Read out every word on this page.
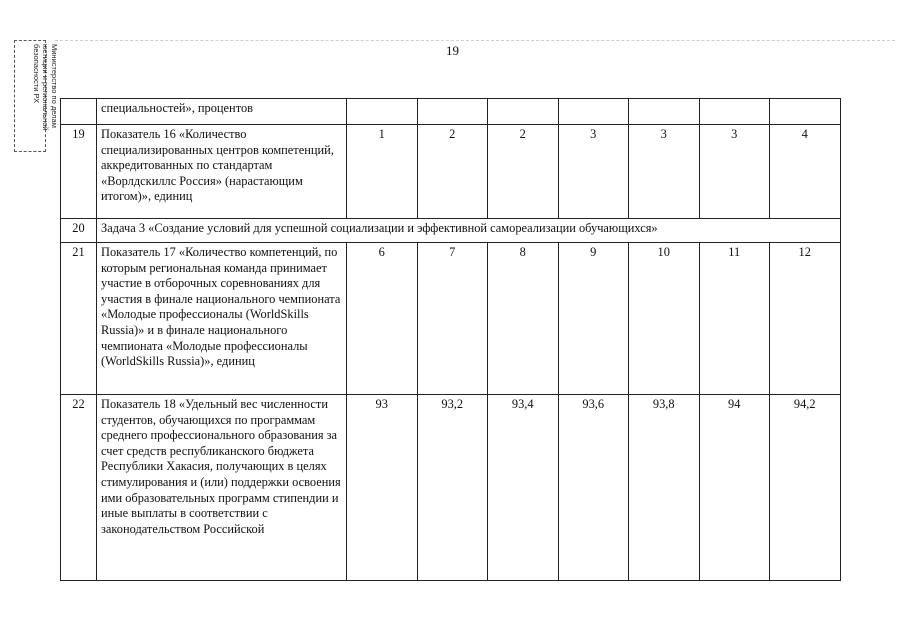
Министерство по делам
юстиции и региональной
безопасности РХ
19
	специальностей», процентов							
19	Показатель 16 «Количество специализированных центров компетенций, аккредитованных по стандартам «Ворлдскиллс Россия» (нарастающим итогом)», единиц	1	2	2	3	3	3	4
20	Задача 3 «Создание условий для успешной социализации и эффективной самореализации обучающихся»							
21	Показатель 17 «Количество компетенций, по которым региональная команда принимает участие в отборочных соревнованиях для участия в финале национального чемпионата «Молодые профессионалы (WorldSkills Russia)» и в финале национального чемпионата «Молодые профессионалы (WorldSkills Russia)», единиц	6	7	8	9	10	11	12
22	Показатель 18 «Удельный вес численности студентов, обучающихся по программам среднего профессионального образования за счет средств республиканского бюджета Республики Хакасия, получающих в целях стимулирования и (или) поддержки освоения ими образовательных программ стипендии и иные выплаты в соответствии с законодательством Российской	93	93,2	93,4	93,6	93,8	94	94,2
